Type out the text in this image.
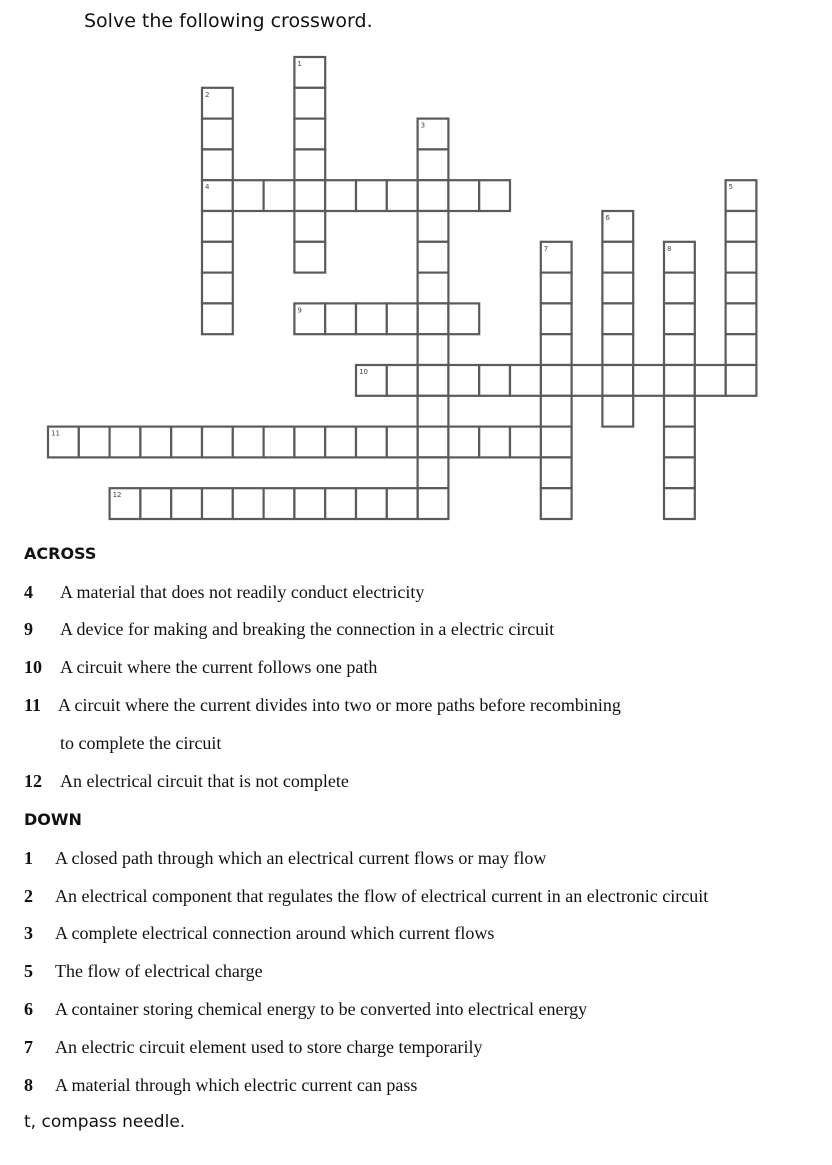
Solve the following crossword.
1
2
4
3
5
6
7	8
9
10
11
12
ACROSS
4 A material that does not readily conduct electricity
9 A device for making and breaking the connection in a electric circuit
10 A circuit where the current follows one path
11 A circuit where the current divides into two or more paths before recombining
to complete the circuit
12 An electrical circuit that is not complete
DOWN
1 A closed path through which an electrical current flows or may flow
2 An electrical component that regulates the flow of electrical current in an electronic circuit
3 A complete electrical connection around which current flows
5 The flow of electrical charge
6 A container storing chemical energy to be converted into electrical energy
7 An electric circuit element used to store charge temporarily
8 A material through which electric current can pass
t, compass needle.
